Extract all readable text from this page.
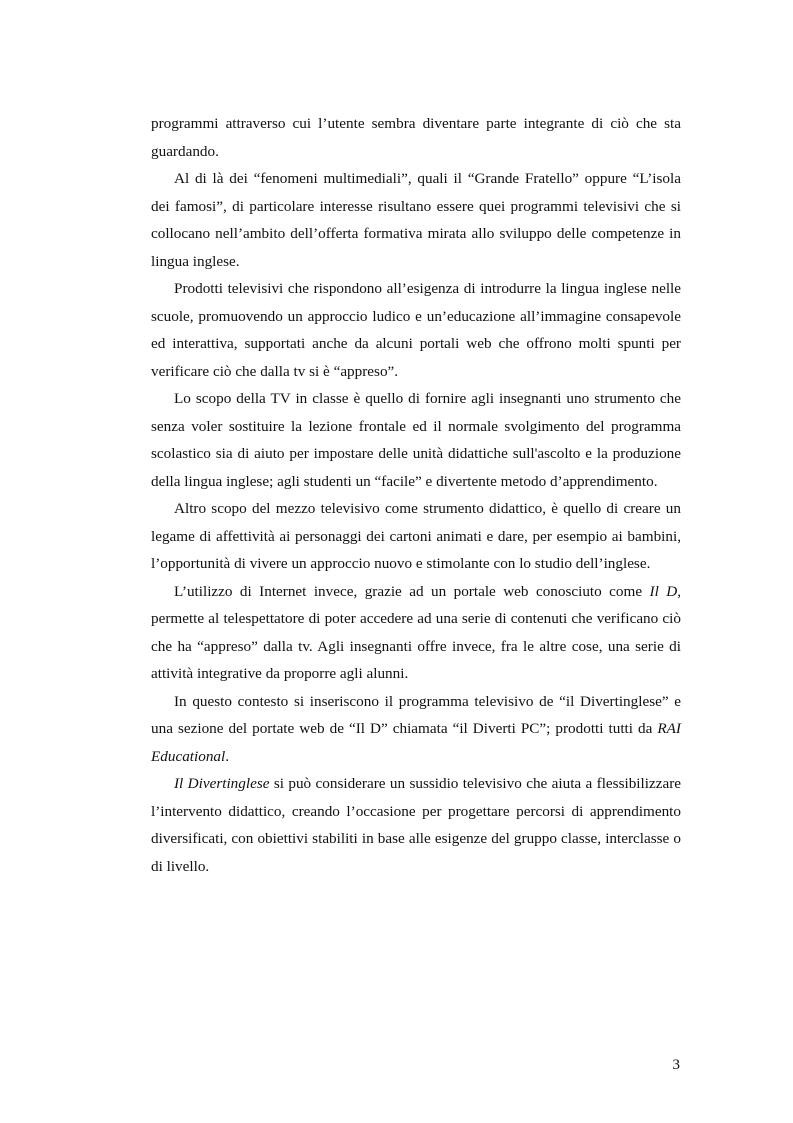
programmi attraverso cui l’utente sembra diventare parte integrante di ciò che sta guardando.

Al di là dei “fenomeni multimediali”, quali il “Grande Fratello” oppure “L’isola dei famosi”, di particolare interesse risultano essere quei programmi televisivi che si collocano nell’ambito dell’offerta formativa mirata allo sviluppo delle competenze in lingua inglese.

Prodotti televisivi che rispondono all’esigenza di introdurre la lingua inglese nelle scuole, promuovendo un approccio ludico e un’educazione all’immagine consapevole ed interattiva, supportati anche da alcuni portali web che offrono molti spunti per verificare ciò che dalla tv si è “appreso”.

Lo scopo della TV in classe è quello di fornire agli insegnanti uno strumento che senza voler sostituire la lezione frontale ed il normale svolgimento del programma scolastico sia di aiuto per impostare delle unità didattiche sull'ascolto e la produzione della lingua inglese; agli studenti un “facile” e divertente metodo d’apprendimento.

Altro scopo del mezzo televisivo come strumento didattico, è quello di creare un legame di affettività ai personaggi dei cartoni animati e dare, per esempio ai bambini, l’opportunità di vivere un approccio nuovo e stimolante con lo studio dell’inglese.

L’utilizzo di Internet invece, grazie ad un portale web conosciuto come Il D, permette al telespettatore di poter accedere ad una serie di contenuti che verificano ciò che ha “appreso” dalla tv. Agli insegnanti offre invece, fra le altre cose, una serie di attività integrative da proporre agli alunni.

In questo contesto si inseriscono il programma televisivo de “il Divertinglese” e una sezione del portate web de “Il D” chiamata “il Diverti PC”; prodotti tutti da RAI Educational.

Il Divertinglese si può considerare un sussidio televisivo che aiuta a flessibilizzare l’intervento didattico, creando l’occasione per progettare percorsi di apprendimento diversificati, con obiettivi stabiliti in base alle esigenze del gruppo classe, interclasse o di livello.

3
